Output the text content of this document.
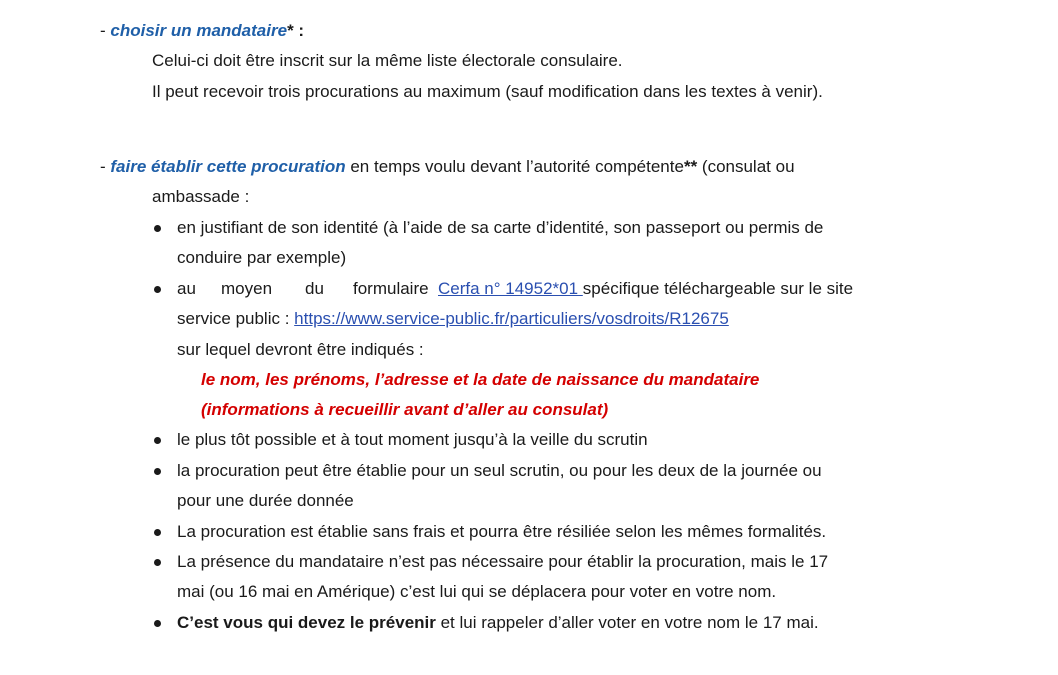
- choisir un mandataire* :
Celui-ci doit être inscrit sur la même liste électorale consulaire.
Il peut recevoir trois procurations au maximum (sauf modification dans les textes à venir).
- faire établir cette procuration en temps voulu devant l’autorité compétente** (consulat ou
ambassade :
en justifiant de son identité (à l’aide de sa carte d’identité, son passeport ou permis de
conduire par exemple)
au moyen du formulaire Cerfa n° 14952*01 spécifique téléchargeable sur le site
service public : https://www.service-public.fr/particuliers/vosdroits/R12675
sur lequel devront être indiqués :
le nom, les prénoms, l’adresse et la date de naissance du mandataire
(informations à recueillir avant d’aller au consulat)
le plus tôt possible et à tout moment jusqu’à la veille du scrutin
la procuration peut être établie pour un seul scrutin, ou pour les deux de la journée ou
pour une durée donnée
La procuration est établie sans frais et pourra être résiliée selon les mêmes formalités.
La présence du mandataire n’est pas nécessaire pour établir la procuration, mais le 17
mai (ou 16 mai en Amérique) c’est lui qui se déplacera pour voter en votre nom.
C’est vous qui devez le prévenir et lui rappeler d’aller voter en votre nom le 17 mai.
